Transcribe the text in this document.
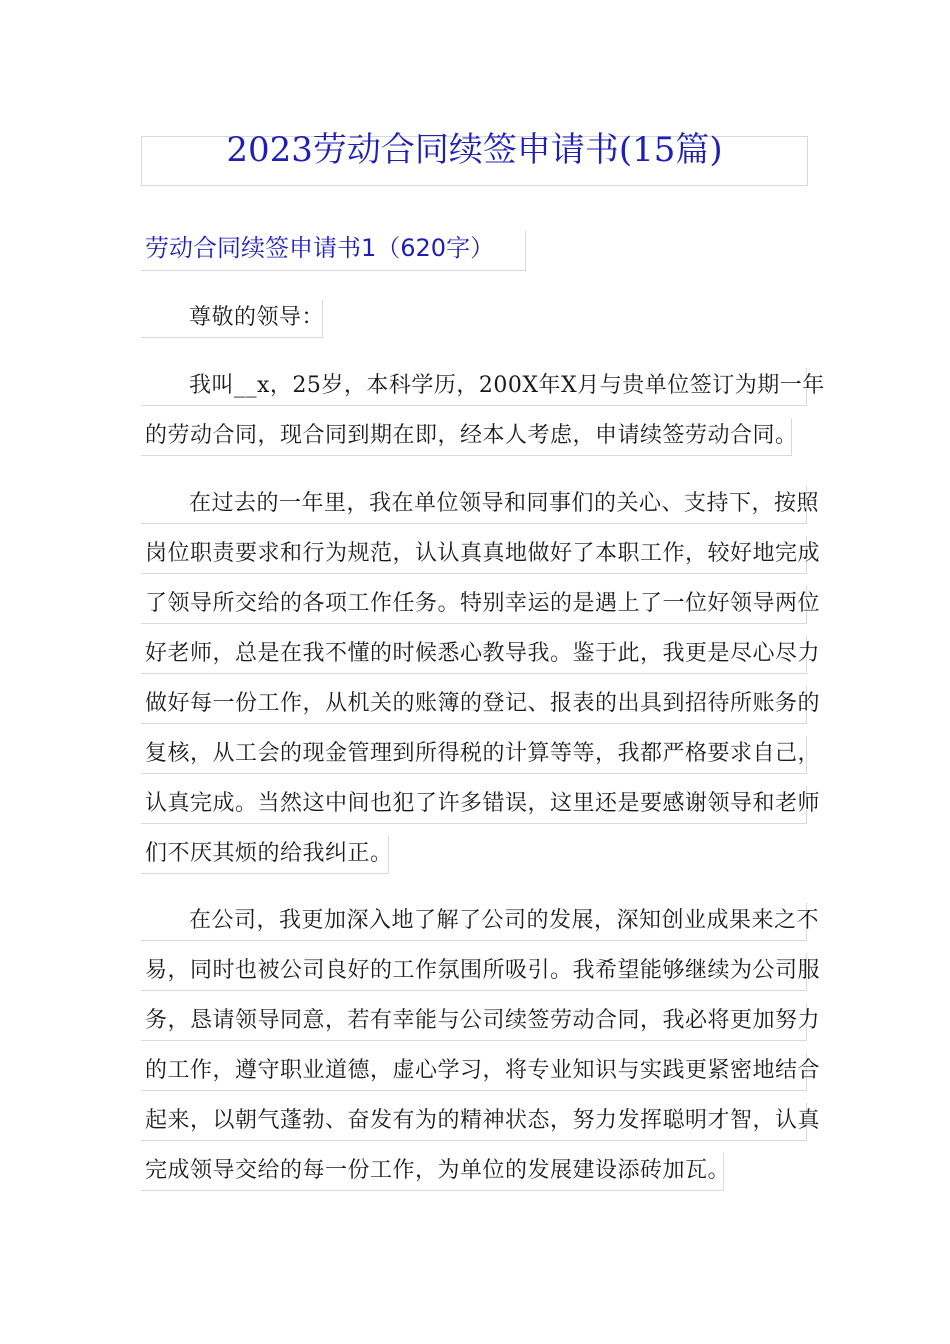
2023劳动合同续签申请书(15篇)
劳动合同续签申请书1（620字）
尊敬的领导：
我叫__x，25岁，本科学历，200X年X月与贵单位签订为期一年
的劳动合同，现合同到期在即，经本人考虑，申请续签劳动合同。
在过去的一年里，我在单位领导和同事们的关心、支持下，按照
岗位职责要求和行为规范，认认真真地做好了本职工作，较好地完成
了领导所交给的各项工作任务。特别幸运的是遇上了一位好领导两位
好老师，总是在我不懂的时候悉心教导我。鉴于此，我更是尽心尽力
做好每一份工作，从机关的账簿的登记、报表的出具到招待所账务的
复核，从工会的现金管理到所得税的计算等等，我都严格要求自己，
认真完成。当然这中间也犯了许多错误，这里还是要感谢领导和老师
们不厌其烦的给我纠正。
在公司，我更加深入地了解了公司的发展，深知创业成果来之不
易，同时也被公司良好的工作氛围所吸引。我希望能够继续为公司服
务，恳请领导同意，若有幸能与公司续签劳动合同，我必将更加努力
的工作，遵守职业道德，虚心学习，将专业知识与实践更紧密地结合
起来，以朝气蓬勃、奋发有为的精神状态，努力发挥聪明才智，认真
完成领导交给的每一份工作，为单位的发展建设添砖加瓦。
